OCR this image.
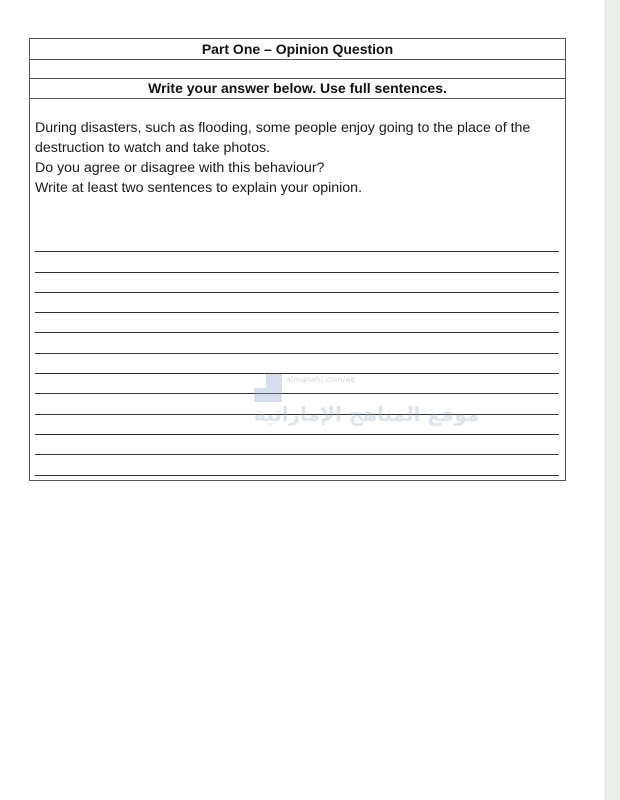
Part One – Opinion Question
Write your answer below. Use full sentences.

During disasters, such as flooding, some people enjoy going to the place of the

destruction to watch and take photos.

Do you agree or disagree with this behaviour?

Write at least two sentences to explain your opinion.

almanahj.com/ae
موقع المناهج الإماراتية
